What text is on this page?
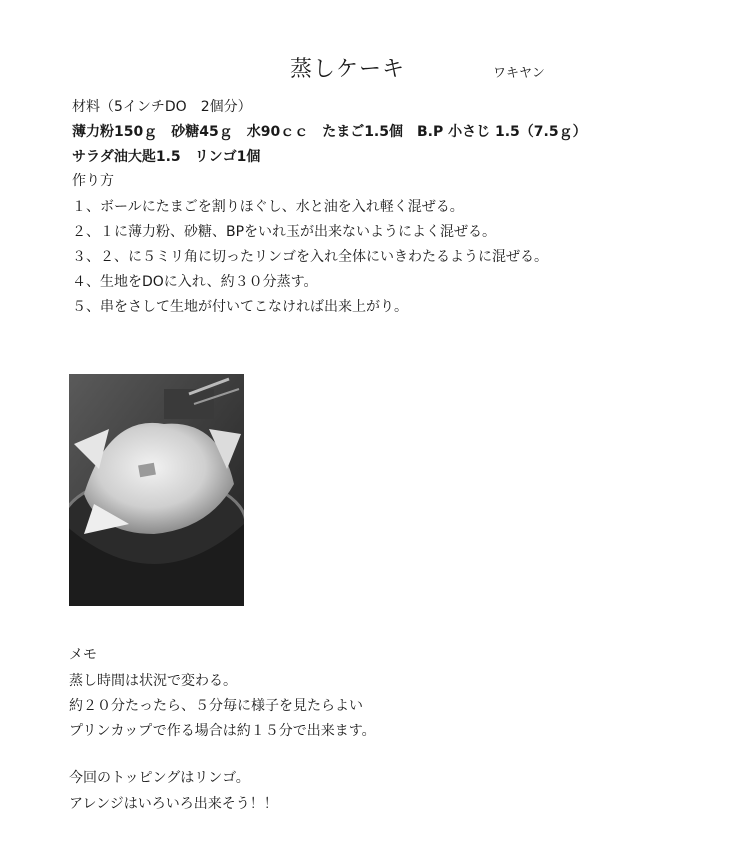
蒸しケーキ	ワキヤン
材料（5インチDO　2個分）
薄力粉150ｇ　砂糖45ｇ　水90ｃｃ　たまご1.5個　B.P 小さじ 1.5（7.5ｇ）
サラダ油大匙1.5　リンゴ1個
作り方
１、ボールにたまごを割りほぐし、水と油を入れ軽く混ぜる。
２、１に薄力粉、砂糖、BPをいれ玉が出来ないようによく混ぜる。
３、２、に５ミリ角に切ったリンゴを入れ全体にいきわたるように混ぜる。
４、生地をDOに入れ、約３０分蒸す。
５、串をさして生地が付いてこなければ出来上がり。
メモ
蒸し時間は状況で変わる。
約２０分たったら、５分毎に様子を見たらよい
プリンカップで作る場合は約１５分で出来ます。
今回のトッピングはリンゴ。
アレンジはいろいろ出来そう！！
